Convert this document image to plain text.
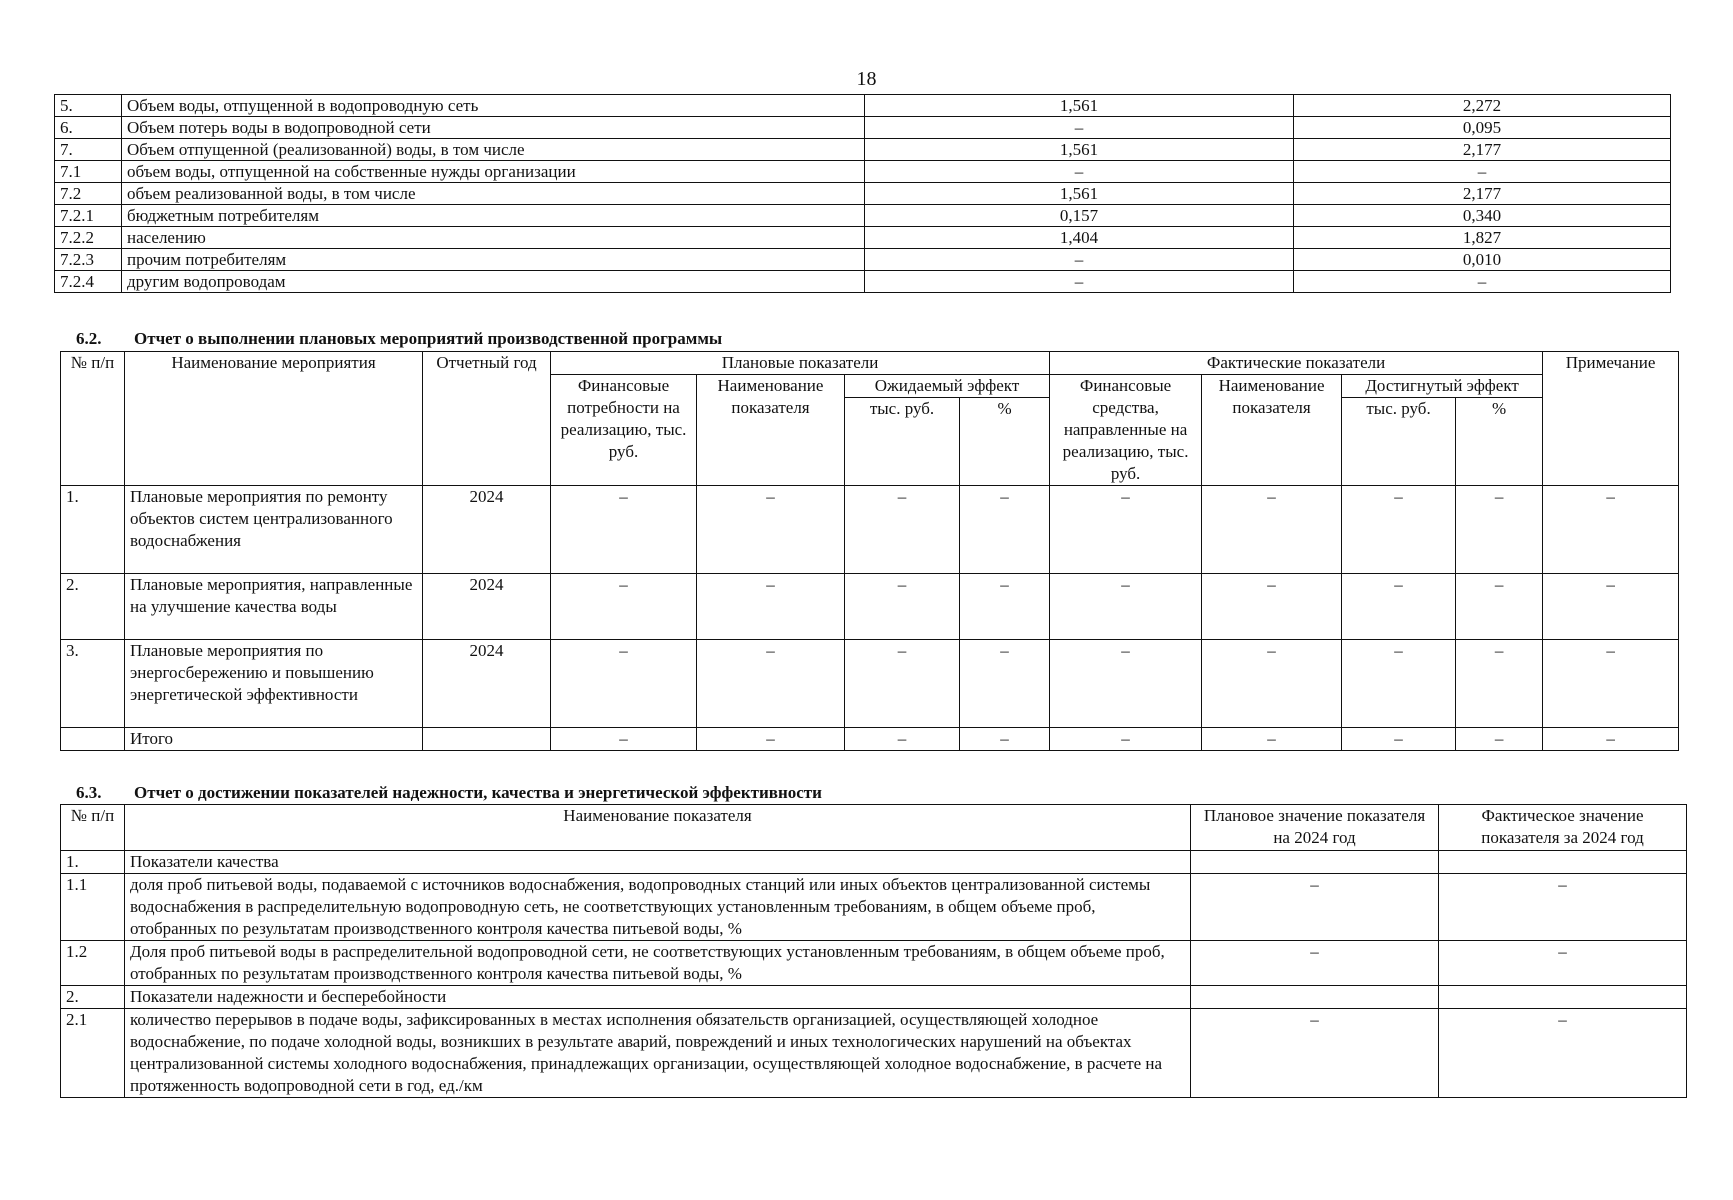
18
5.	Объем воды, отпущенной в водопроводную сеть	1,561	2,272
6.	Объем потерь воды в водопроводной сети	–	0,095
7.	Объем отпущенной (реализованной) воды, в том числе	1,561	2,177
7.1	объем воды, отпущенной на собственные нужды организации	–	–
7.2	объем реализованной воды, в том числе	1,561	2,177
7.2.1	бюджетным потребителям	0,157	0,340
7.2.2	населению	1,404	1,827
7.2.3	прочим потребителям	–	0,010
7.2.4	другим водопроводам	–	–
6.2. Отчет о выполнении плановых мероприятий производственной программы
№ п/п	Наименование мероприятия	Отчетный год	Плановые показатели				Фактические показатели				Примечание
			Финансовые потребности на реализацию, тыс. руб.	Наименование показателя	Ожидаемый эффект		Финансовые средства, направленные на реализацию, тыс. руб.	Наименование показателя	Достигнутый эффект		
					тыс. руб.	%			тыс. руб.	%	
1.	Плановые мероприятия по ремонту объектов систем централизованного водоснабжения	2024	–	–	–	–	–	–	–	–	–
2.	Плановые мероприятия, направленные на улучшение качества воды	2024	–	–	–	–	–	–	–	–	–
3.	Плановые мероприятия по энергосбережению и повышению энергетической эффективности	2024	–	–	–	–	–	–	–	–	–
	Итого		–	–	–	–	–	–	–	–	–
6.3. Отчет о достижении показателей надежности, качества и энергетической эффективности
№ п/п	Наименование показателя	Плановое значение показателя на 2024 год	Фактическое значение показателя за 2024 год
1.	Показатели качества		
1.1	доля проб питьевой воды, подаваемой с источников водоснабжения, водопроводных станций или иных объектов централизованной системы водоснабжения в распределительную водопроводную сеть, не соответствующих установленным требованиям, в общем объеме проб, отобранных по результатам производственного контроля качества питьевой воды, %	–	–
1.2	Доля проб питьевой воды в распределительной водопроводной сети, не соответствующих установленным требованиям, в общем объеме проб, отобранных по результатам производственного контроля качества питьевой воды, %	–	–
2.	Показатели надежности и бесперебойности		
2.1	количество перерывов в подаче воды, зафиксированных в местах исполнения обязательств организацией, осуществляющей холодное водоснабжение, по подаче холодной воды, возникших в результате аварий, повреждений и иных технологических нарушений на объектах централизованной системы холодного водоснабжения, принадлежащих организации, осуществляющей холодное водоснабжение, в расчете на протяженность водопроводной сети в год, ед./км	–	–
